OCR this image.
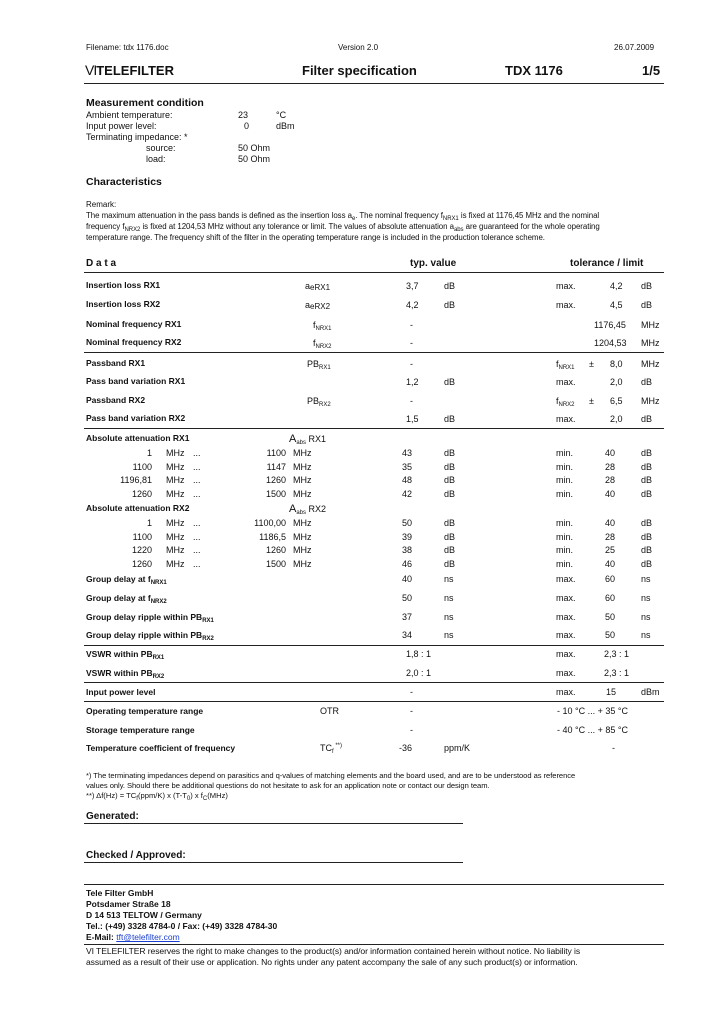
Filename: tdx 1176.doc	Version 2.0	26.07.2009
VITELEFILTER	Filter specification	TDX 1176	1/5
Measurement condition
Ambient temperature:	23	°C
Input power level:	0	dBm
Terminating impedance: *
source:	50 Ohm
load:	50 Ohm
Characteristics
Remark:
The maximum attenuation in the pass bands is defined as the insertion loss $a_e$. The nominal frequency $f_{NRX1}$ is fixed at 1176,45 MHz and the nominal
frequency $f_{NRX2}$ is fixed at 1204,53 MHz without any tolerance or limit. The values of absolute attenuation $a_{abs}$ are guaranteed for the whole operating
temperature range. The frequency shift of the filter in the operating temperature range is included in the production tolerance scheme.
D a t a	typ. value	tolerance / limit
Insertion loss RX1	aeRX1	3,7	dB	max.	4,2 dB
Insertion loss RX2	aeRX2	4,2	dB	max.	4,5 dB
Nominal frequency RX1	$f_{NRX1}$	-	1176,45 MHz
Nominal frequency RX2	$f_{NRX2}$	-	1204,53 MHz
Passband RX1	$PB_{RX1}$	-	$f_{NRX1} \pm 8,0$ MHz
Pass band variation RX1	1,2	dB	max.	2,0 dB
Passband RX2	$PB_{RX2}$	-	$f_{NRX2} \pm 6,5$ MHz
Pass band variation RX2	1,5	dB	max.	2,0 dB
Absolute attenuation RX1	$A_{abs}$ RX1
1 MHz ...	1100 MHz	43	dB	min.	40	dB
1100 MHz ...	1147 MHz	35	dB	min.	28	dB
1196,81 MHz ...	1260 MHz	48	dB	min.	28	dB
1260 MHz ...	1500 MHz	42	dB	min.	40	dB
Absolute attenuation RX2	$A_{abs}$ RX2
1 MHz ...	1100,00 MHz	50	dB	min.	40	dB
1100 MHz ...	1186,5 MHz	39	dB	min.	28	dB
1220 MHz ...	1260 MHz	38	dB	min.	25	dB
1260 MHz ...	1500 MHz	46	dB	min.	40	dB
Group delay at $f_{NRX1}$	40	ns	max.	60	ns
Group delay at $f_{NRX2}$	50	ns	max.	60	ns
Group delay ripple within $PB_{RX1}$	37	ns	max.	50	ns
Group delay ripple within $PB_{RX2}$	34	ns	max.	50	ns
VSWR within $PB_{RX1}$	1,8 : 1	max.	2,3 : 1
VSWR within $PB_{RX2}$	2,0 : 1	max.	2,3 : 1
Input power level	-	max.	15	dBm
Operating temperature range	OTR	-	- 10 °C ... + 35 °C
Storage temperature range	-	- 40 °C ... + 85 °C
Temperature coefficient of frequency	$TC_f$ **)	-36	ppm/K	-
*) The terminating impedances depend on parasitics and q-values of matching elements and the board used, and are to be understood as reference
values only. Should there be additional questions do not hesitate to ask for an application note or contact our design team.
**) $\Delta f(Hz) = TC_f(ppm/K)$ x $(T-T_0)$ x $f_C(MHz)$
Generated:
Checked / Approved:
Tele Filter GmbH
Potsdamer Straße 18
D 14 513 TELTOW / Germany
Tel.: (+49) 3328 4784-0 / Fax: (+49) 3328 4784-30
E-Mail: tft@telefilter.com
VI TELEFILTER reserves the right to make changes to the product(s) and/or information contained herein without notice. No liability is
assumed as a result of their use or application. No rights under any patent accompany the sale of any such product(s) or information.
